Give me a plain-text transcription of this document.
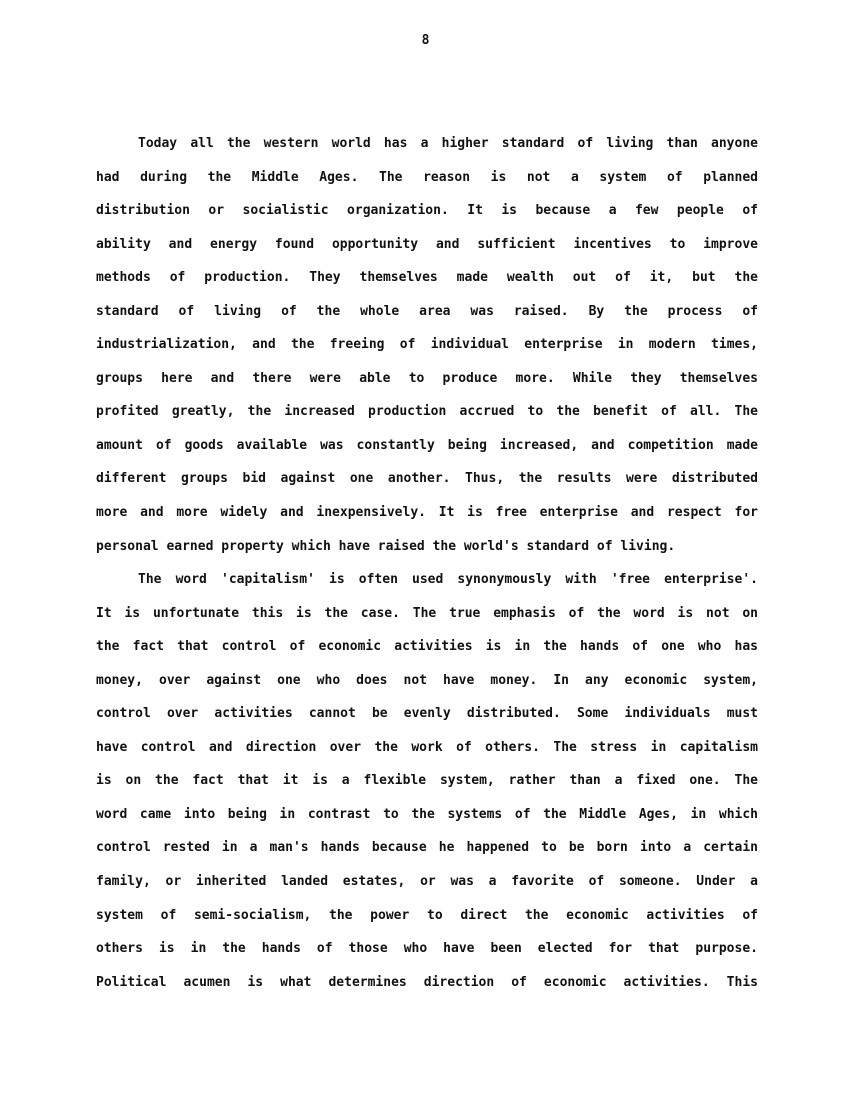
8
Today all the western world has a higher standard of living than anyone
had during the Middle Ages. The reason is not a system of planned
distribution or socialistic organization. It is because a few people of
ability and energy found opportunity and sufficient incentives to improve
methods of production. They themselves made wealth out of it, but the
standard of living of the whole area was raised. By the process of
industrialization, and the freeing of individual enterprise in modern times,
groups here and there were able to produce more. While they themselves
profited greatly, the increased production accrued to the benefit of all. The
amount of goods available was constantly being increased, and competition made
different groups bid against one another. Thus, the results were distributed
more and more widely and inexpensively. It is free enterprise and respect for
personal earned property which have raised the world's standard of living.
The word 'capitalism' is often used synonymously with 'free enterprise'.
It is unfortunate this is the case. The true emphasis of the word is not on
the fact that control of economic activities is in the hands of one who has
money, over against one who does not have money. In any economic system,
control over activities cannot be evenly distributed. Some individuals must
have control and direction over the work of others. The stress in capitalism
is on the fact that it is a flexible system, rather than a fixed one. The
word came into being in contrast to the systems of the Middle Ages, in which
control rested in a man's hands because he happened to be born into a certain
family, or inherited landed estates, or was a favorite of someone. Under a
system of semi-socialism, the power to direct the economic activities of
others is in the hands of those who have been elected for that purpose.
Political acumen is what determines direction of economic activities. This
